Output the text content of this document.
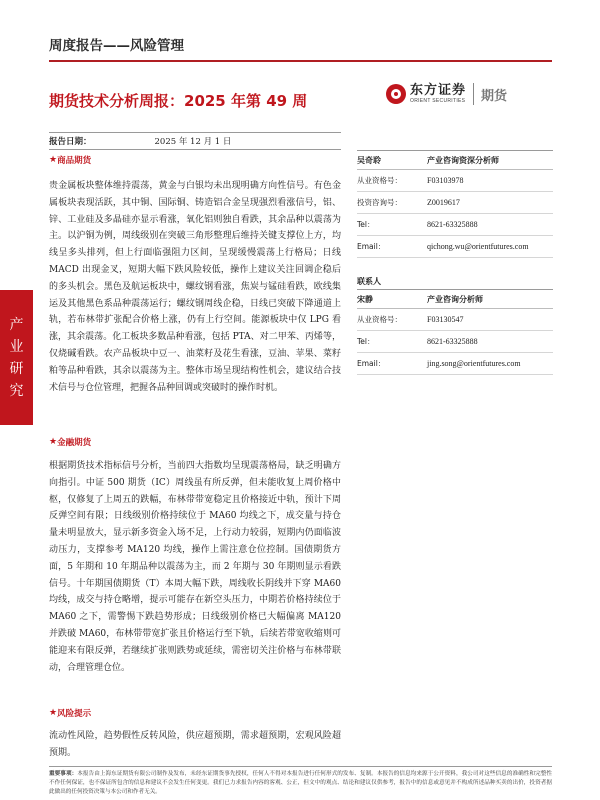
周度报告——风险管理
期货技术分析周报：2025 年第 49 周
东方证券
ORIENT SECURITIES 期货
报告日期：	2025 年 12 月 1 日
★ 商品期货
贵金属板块整体维持震荡，黄金与白银均未出现明确方向性信号。有色金属板块表现活跃，其中铜、国际铜、铸造铝合金呈现强烈看涨信号，铝、锌、工业硅及多晶硅亦显示看涨，氧化铝则独自看跌，其余品种以震荡为主。以沪铜为例，周线级别在突破三角形整理后维持关键支撑位上方，均线呈多头排列，但上行面临强阻力区间，呈现缓慢震荡上行格局；日线 MACD 出现金叉，短期大幅下跌风险较低，操作上建议关注回调企稳后的多头机会。黑色及航运板块中，螺纹钢看涨，焦炭与锰硅看跌，欧线集运及其他黑色系品种震荡运行；螺纹钢周线企稳，日线已突破下降通道上轨，若布林带扩张配合价格上涨，仍有上行空间。能源板块中仅 LPG 看涨，其余震荡。化工板块多数品种看涨，包括 PTA、对二甲苯、丙烯等，仅烧碱看跌。农产品板块中豆一、油菜籽及花生看涨，豆油、苹果、菜籽粕等品种看跌，其余以震荡为主。整体市场呈现结构性机会，建议结合技术信号与仓位管理，把握各品种回调或突破时的操作时机。
★ 金融期货
根据期货技术指标信号分析，当前四大指数均呈现震荡格局，缺乏明确方向指引。中证 500 期货（IC）周线虽有所反弹，但未能收复上周价格中枢，仅修复了上周五的跌幅，布林带带宽稳定且价格接近中轨，预计下周反弹空间有限；日线级别价格持续位于 MA60 均线之下，成交量与持仓量未明显放大，显示新多资金入场不足，上行动力较弱，短期内仍面临波动压力，支撑参考 MA120 均线，操作上需注意仓位控制。国债期货方面，5 年期和 10 年期品种以震荡为主，而 2 年期与 30 年期则显示看跌信号。十年期国债期货（T）本周大幅下跌，周线收长阴线并下穿 MA60 均线，成交与持仓略增，提示可能存在新空头压力，中期若价格持续位于 MA60 之下，需警惕下跌趋势形成；日线级别价格已大幅偏离 MA120 并跌破 MA60，布林带带宽扩张且价格运行至下轨，后续若带宽收缩则可能迎来有限反弹，若继续扩张则跌势或延续，需密切关注价格与布林带联动，合理管理仓位。
★ 风险提示
流动性风险，趋势假性反转风险，供应超预期，需求超预期，宏观风险超预期。
产
业
研
究
吴奇聆	产业咨询资深分析师
从业资格号：	F03103978
投资咨询号：	Z0019617
Tel：	8621-63325888
Email：	qichong.wu@orientfutures.com
联系人
宋静	产业咨询分析师
从业资格号：	F03130547
Tel：	8621-63325888
Email：	jing.song@orientfutures.com
重要事项：本报告由上海东证期货有限公司制作及发布，未经东证期货事先授权，任何人不得对本报告进行任何形式的发布、复制。本报告的信息均来源于公开资料，我公司对这些信息的准确性和完整性不作任何保证，也不保证所包含的信息和建议不会发生任何变更。我们已力求报告内容的客观、公正，但文中的观点、结论和建议仅供参考，报告中的信息或意见并不构成所述品种买卖的出价，投资者据此做出的任何投资决策与本公司和作者无关。
